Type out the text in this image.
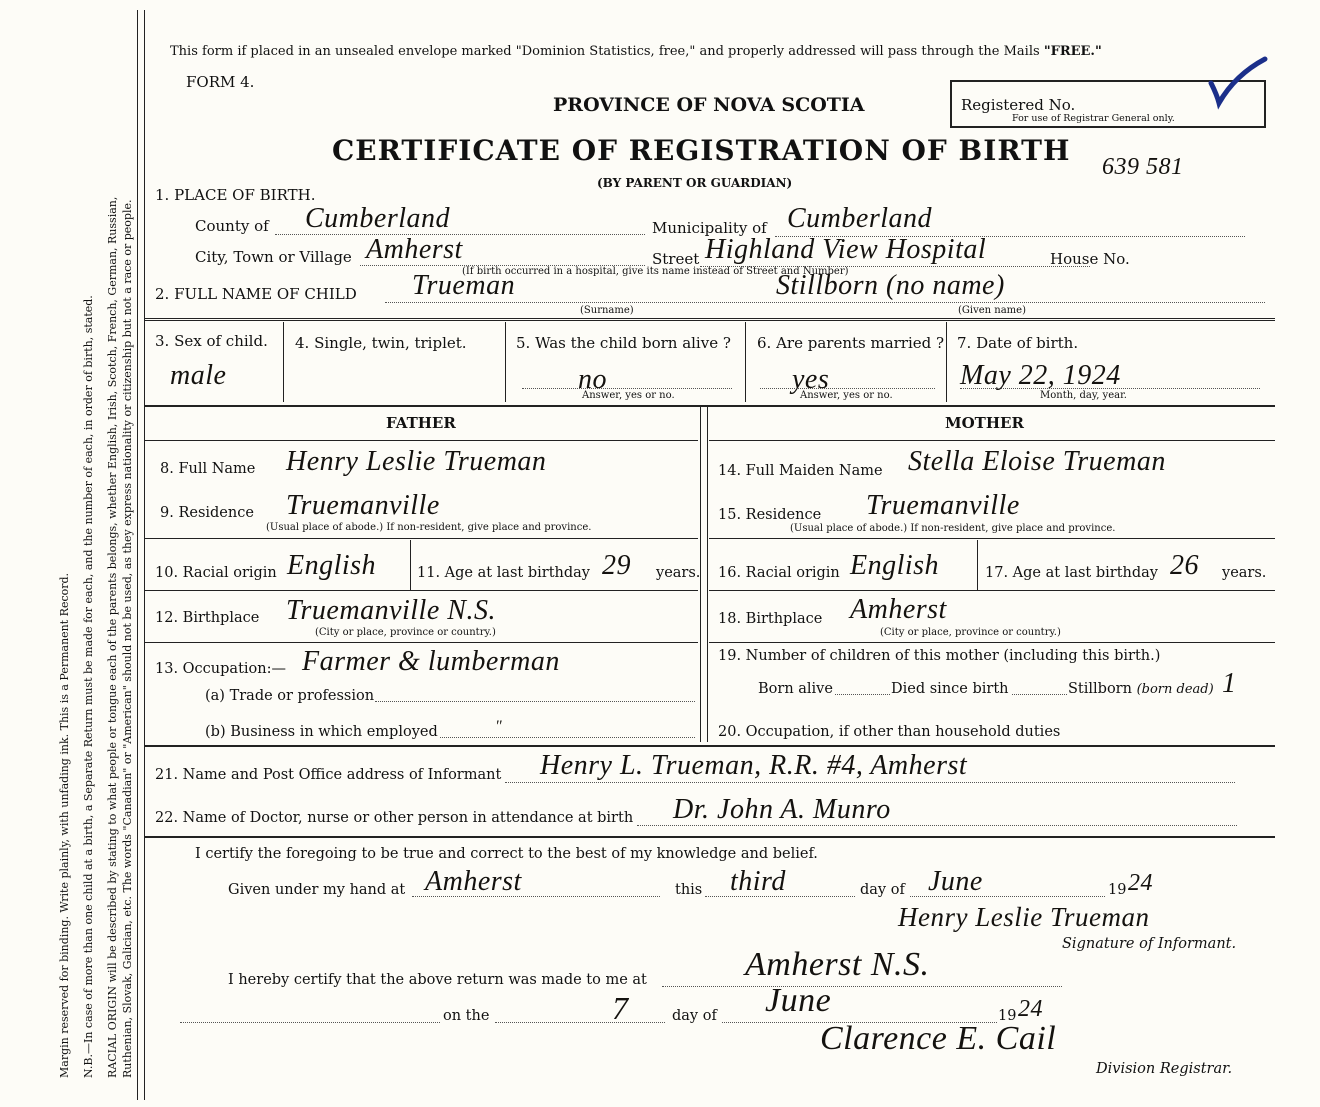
Margin reserved for binding. Write plainly, with unfading ink. This is a Permanent Record. N.B.—In case of more than one child at a birth, a Separate Return must be made for each, and the number of each, in order of birth, stated. RACIAL ORIGIN will be described by stating to what people or tongue each of the parents belongs, whether English, Irish, Scotch, French, German, Russian, Ruthenian, Slovak, Galician, etc. The words "Canadian" or "American" should not be used, as they express nationality or citizenship but not a race or people.
This form if placed in an unsealed envelope marked "Dominion Statistics, free," and properly addressed will pass through the Mails "FREE."
FORM 4.
PROVINCE OF NOVA SCOTIA
CERTIFICATE OF REGISTRATION OF BIRTH
(BY PARENT OR GUARDIAN)
Registered No.
For use of Registrar General only.
639 581
1. PLACE OF BIRTH.
County of Cumberland	Municipality of Cumberland
City, Town or Village Amherst	Street Highland View Hospital	House No.
(If birth occurred in a hospital, give its name instead of Street and Number)
2. FULL NAME OF CHILD Trueman	Stillborn (no name)
(Surname)	(Given name)
3. Sex of child.
male
4. Single, twin, triplet.	5. Was the child born alive ?
no
Answer, yes or no.
6. Are parents married ?
yes
Answer, yes or no.
7. Date of birth.
May 22, 1924
Month, day, year.
FATHER	MOTHER
8. Full Name Henry Leslie Trueman
9. Residence Truemanville
(Usual place of abode.) If non-resident, give place and province.
10. Racial origin English	11. Age at last birthday 29 years.
12. Birthplace Truemanville N.S.
(City or place, province or country.)
13. Occupation:— Farmer & lumberman
(a) Trade or profession
(b) Business in which employed	"
14. Full Maiden Name Stella Eloise Trueman
15. Residence Truemanville
(Usual place of abode.) If non-resident, give place and province.
16. Racial origin English	17. Age at last birthday 26 years.
18. Birthplace Amherst
(City or place, province or country.)
19. Number of children of this mother (including this birth.)
Born alive	Died since birth	Stillborn (born dead) 1
20. Occupation, if other than household duties
21. Name and Post Office address of Informant Henry L. Trueman, R.R. #4, Amherst
22. Name of Doctor, nurse or other person in attendance at birth Dr. John A. Munro
I certify the foregoing to be true and correct to the best of my knowledge and belief.
Given under my hand at Amherst	this third	day of June	19 24
Henry Leslie Trueman
Signature of Informant.
I hereby certify that the above return was made to me at	Amherst N.S.
on the	7	day of June	19 24
Clarence E. Cail
Division Registrar.
